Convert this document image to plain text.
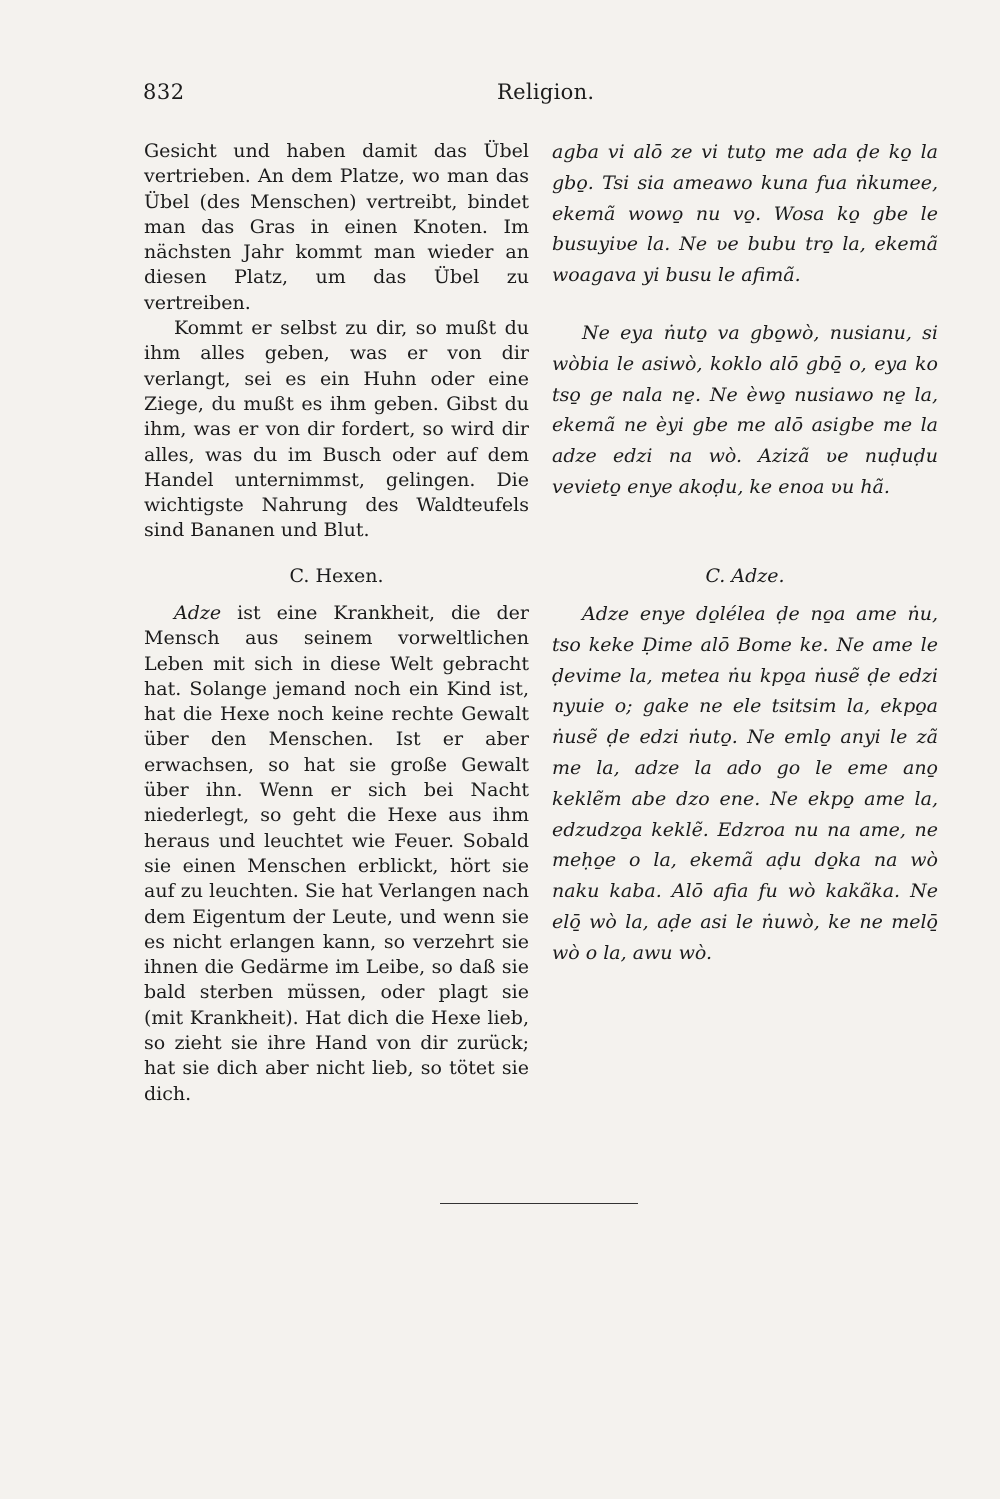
832	Religion.

Gesicht und haben damit das Übel vertrieben. An dem Platze, wo man das Übel (des Menschen) vertreibt, bindet man das Gras in einen Knoten. Im nächsten Jahr kommt man wieder an diesen Platz, um das Übel zu vertreiben.

Kommt er selbst zu dir, so mußt du ihm alles geben, was er von dir verlangt, sei es ein Huhn oder eine Ziege, du mußt es ihm geben. Gibst du ihm, was er von dir fordert, so wird dir alles, was du im Busch oder auf dem Handel unternimmst, gelingen. Die wichtigste Nahrung des Waldteufels sind Bananen und Blut.

agba vi alō ze vi tuto̱ me ada ḍe ko̱ la gbo̱. Tsi sia ameawo kuna fua ṅkumee, ekemã wowo̱ nu vo̱. Wosa ko̱ gbe le busuyiʋe la. Ne ʋe bubu tro̱ la, ekemã woagava yi busu le afimã.

Ne eya ṅuto̱ va gbo̱wò, nusianu, si wòbia le asiwò, koklo alō gbō̱ o, eya ko tso̱ ge nala ne̱. Ne èwo̱ nusiawo ne̱ la, ekemã ne èyi gbe me alō asigbe me la adze edzi na wò. Azizã ʋe nuḍuḍu vevieto̱ enye akoḍu, ke enoa ʋu hã.

C. Hexen.	C. Adze.

Adze ist eine Krankheit, die der Mensch aus seinem vorweltlichen Leben mit sich in diese Welt gebracht hat. Solange jemand noch ein Kind ist, hat die Hexe noch keine rechte Gewalt über den Menschen. Ist er aber erwachsen, so hat sie große Gewalt über ihn. Wenn er sich bei Nacht niederlegt, so geht die Hexe aus ihm heraus und leuchtet wie Feuer. Sobald sie einen Menschen erblickt, hört sie auf zu leuchten. Sie hat Verlangen nach dem Eigentum der Leute, und wenn sie es nicht erlangen kann, so verzehrt sie ihnen die Gedärme im Leibe, so daß sie bald sterben müssen, oder plagt sie (mit Krankheit). Hat dich die Hexe lieb, so zieht sie ihre Hand von dir zurück; hat sie dich aber nicht lieb, so tötet sie dich.

Adze enye do̱lélea ḍe no̱a ame ṅu, tso keke Ḍime alō Bome ke. Ne ame le ḍevime la, metea ṅu kpo̱a ṅusẽ ḍe edzi nyuie o; gake ne ele tsitsim la, ekpo̱a ṅusẽ ḍe edzi ṅuto̱. Ne emlo̱ anyi le zã me la, adze la ado go le eme ano̱ keklẽm abe dzo ene. Ne ekpo̱ ame la, edzudzo̱a keklẽ. Edzroa nu na ame, ne meḥo̱e o la, ekemã aḍu do̱ka na wò naku kaba. Alō afia fu wò kakãka. Ne elō̱ wò la, aḍe asi le ṅuwò, ke ne melō̱ wò o la, awu wò.
